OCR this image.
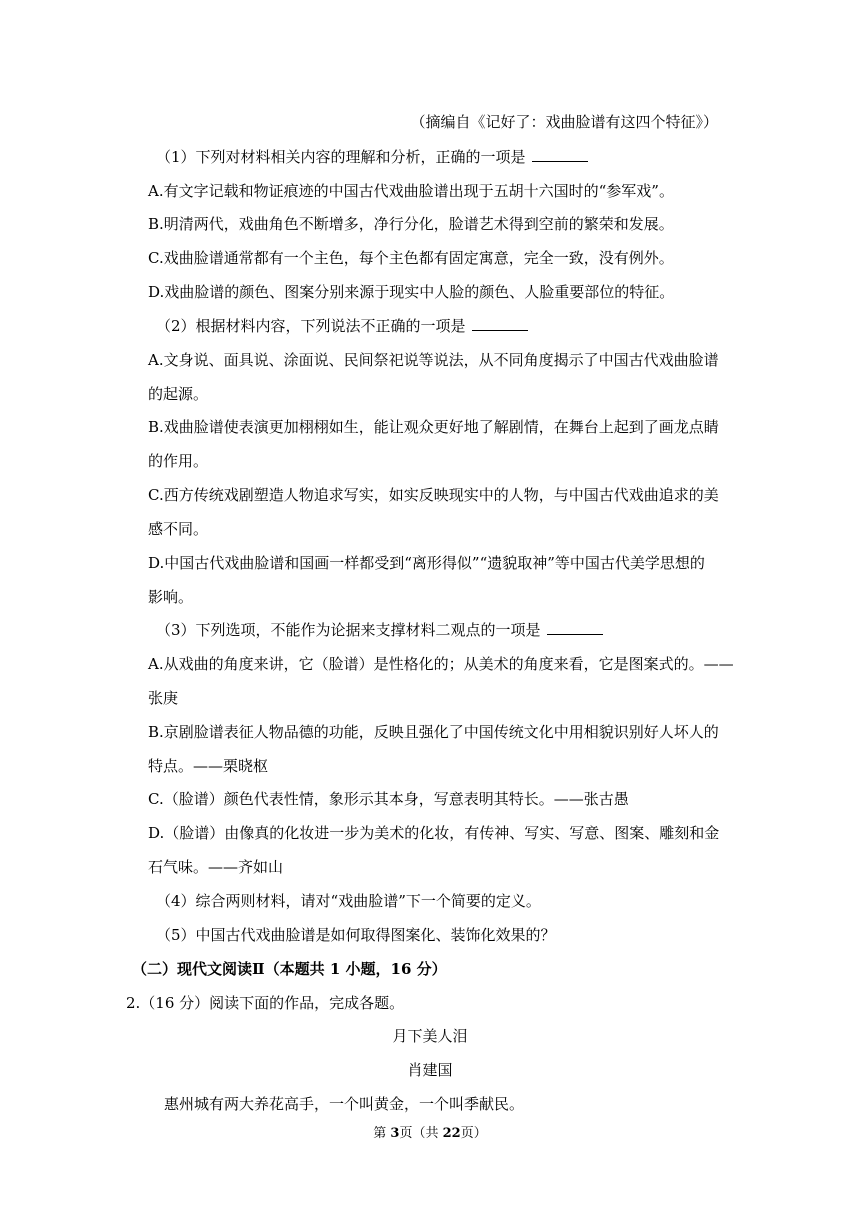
（摘编自《记好了：戏曲脸谱有这四个特征》）
（1）下列对材料相关内容的理解和分析，正确的一项是
A.有文字记载和物证痕迹的中国古代戏曲脸谱出现于五胡十六国时的“参军戏”。
B.明清两代，戏曲角色不断增多，净行分化，脸谱艺术得到空前的繁荣和发展。
C.戏曲脸谱通常都有一个主色，每个主色都有固定寓意，完全一致，没有例外。
D.戏曲脸谱的颜色、图案分别来源于现实中人脸的颜色、人脸重要部位的特征。
（2）根据材料内容，下列说法不正确的一项是
A.文身说、面具说、涂面说、民间祭祀说等说法，从不同角度揭示了中国古代戏曲脸谱
的起源。
B.戏曲脸谱使表演更加栩栩如生，能让观众更好地了解剧情，在舞台上起到了画龙点睛
的作用。
C.西方传统戏剧塑造人物追求写实，如实反映现实中的人物，与中国古代戏曲追求的美
感不同。
D.中国古代戏曲脸谱和国画一样都受到“离形得似”“遗貌取神”等中国古代美学思想的
影响。
（3）下列选项，不能作为论据来支撑材料二观点的一项是
A.从戏曲的角度来讲，它（脸谱）是性格化的；从美术的角度来看，它是图案式的。——
张庚
B.京剧脸谱表征人物品德的功能，反映且强化了中国传统文化中用相貌识别好人坏人的
特点。——栗晓枢
C.（脸谱）颜色代表性情，象形示其本身，写意表明其特长。——张古愚
D.（脸谱）由像真的化妆进一步为美术的化妆，有传神、写实、写意、图案、雕刻和金
石气味。——齐如山
（4）综合两则材料，请对“戏曲脸谱”下一个简要的定义。
（5）中国古代戏曲脸谱是如何取得图案化、装饰化效果的？
（二）现代文阅读Ⅱ（本题共 1 小题，16 分）
2.（16 分）阅读下面的作品，完成各题。
月下美人泪
肖建国
惠州城有两大养花高手，一个叫黄金，一个叫季献民。
第 3页（共 22页）
